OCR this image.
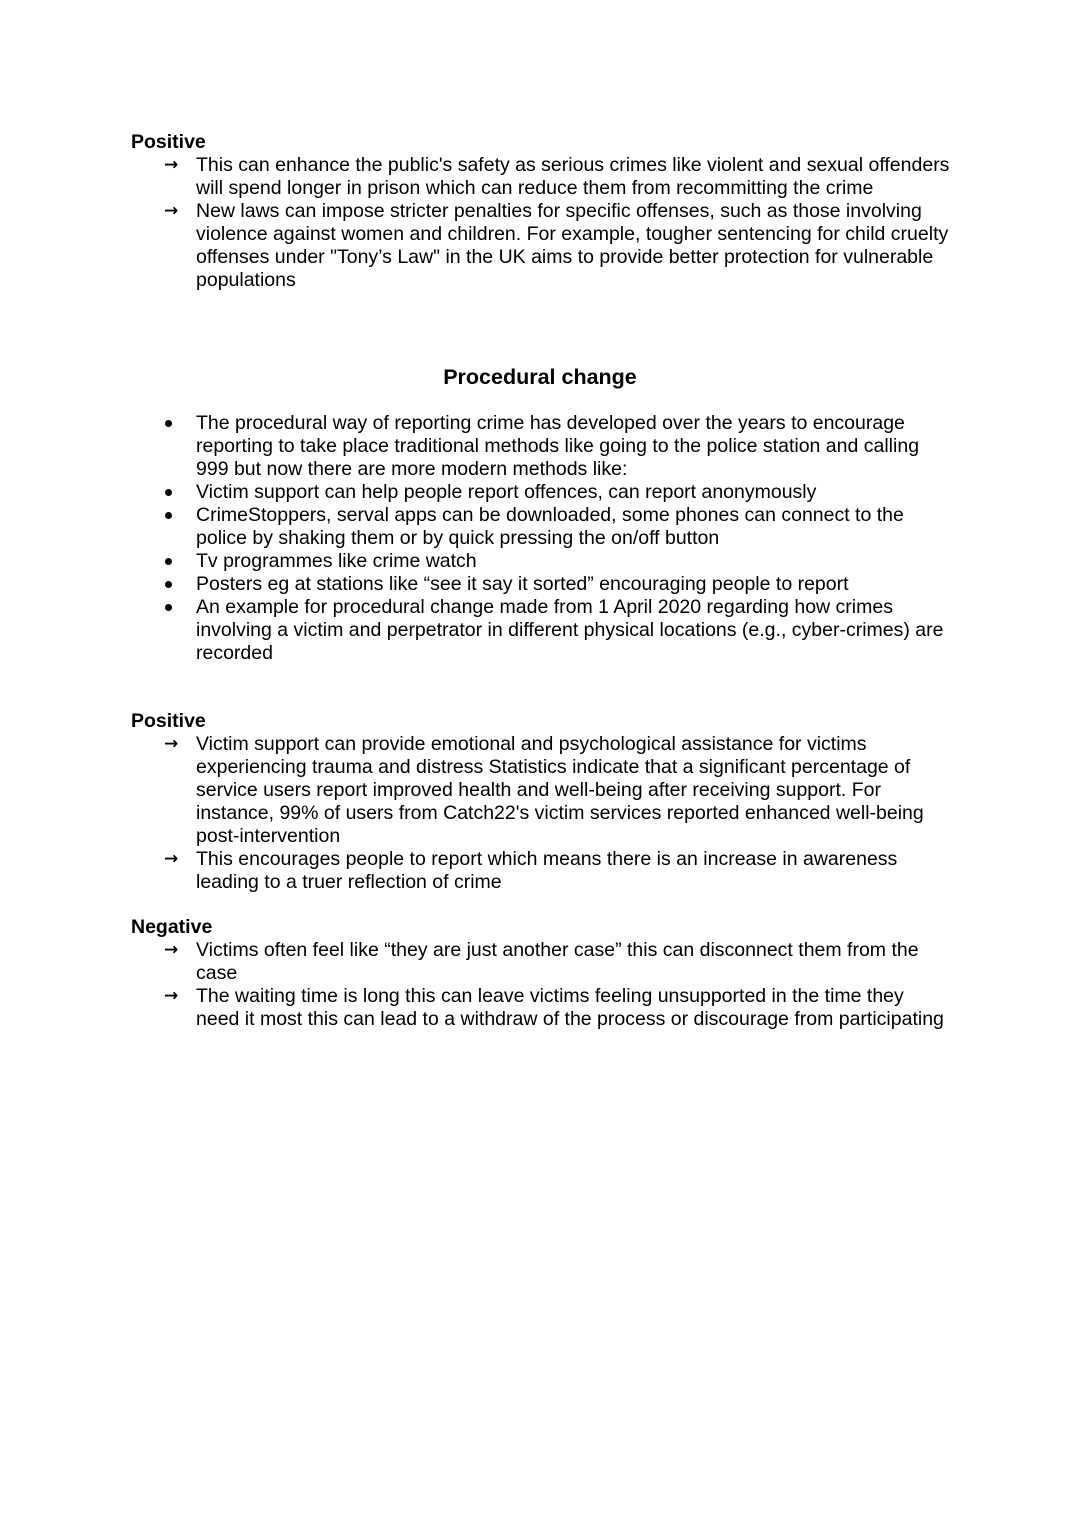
Positive
→ This can enhance the public's safety as serious crimes like violent and sexual offenders will spend longer in prison which can reduce them from recommitting the crime
→ New laws can impose stricter penalties for specific offenses, such as those involving violence against women and children. For example, tougher sentencing for child cruelty offenses under "Tony’s Law" in the UK aims to provide better protection for vulnerable populations
Procedural change
The procedural way of reporting crime has developed over the years to encourage reporting to take place traditional methods like going to the police station and calling 999 but now there are more modern methods like:
Victim support can help people report offences, can report anonymously
CrimeStoppers, serval apps can be downloaded, some phones can connect to the police by shaking them or by quick pressing the on/off button
Tv programmes like crime watch
Posters eg at stations like “see it say it sorted” encouraging people to report
An example for procedural change made from 1 April 2020 regarding how crimes involving a victim and perpetrator in different physical locations (e.g., cyber-crimes) are recorded
Positive
→ Victim support can provide emotional and psychological assistance for victims experiencing trauma and distress Statistics indicate that a significant percentage of service users report improved health and well-being after receiving support. For instance, 99% of users from Catch22's victim services reported enhanced well-being post-intervention
→ This encourages people to report which means there is an increase in awareness leading to a truer reflection of crime
Negative
→ Victims often feel like “they are just another case” this can disconnect them from the case
→ The waiting time is long this can leave victims feeling unsupported in the time they need it most this can lead to a withdraw of the process or discourage from participating
